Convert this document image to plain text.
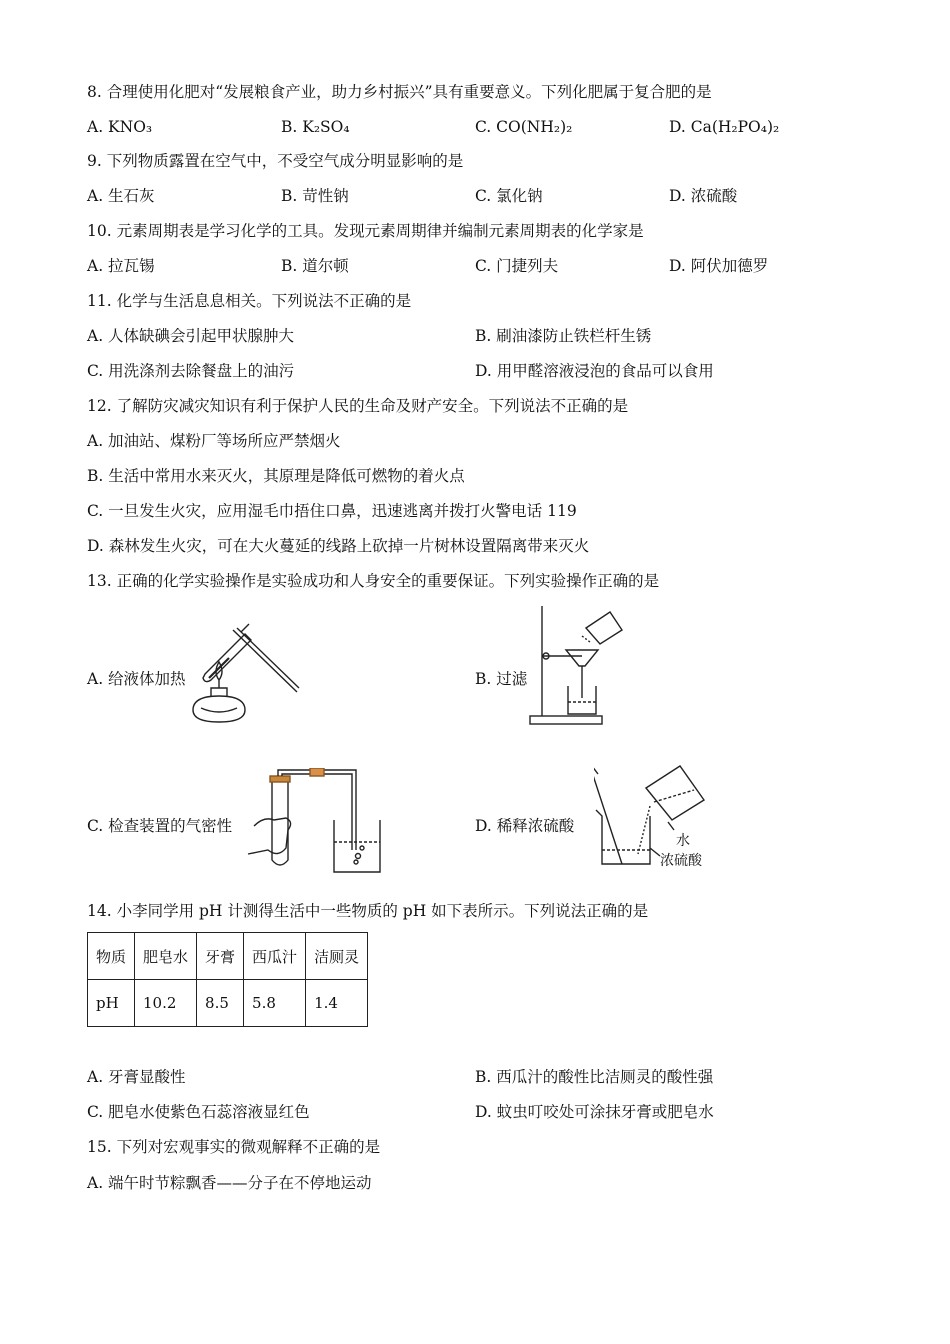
8. 合理使用化肥对“发展粮食产业，助力乡村振兴”具有重要意义。下列化肥属于复合肥的是
A. KNO₃	B. K₂SO₄	C. CO(NH₂)₂	D. Ca(H₂PO₄)₂
9. 下列物质露置在空气中，不受空气成分明显影响的是
A. 生石灰	B. 苛性钠	C. 氯化钠	D. 浓硫酸
10. 元素周期表是学习化学的工具。发现元素周期律并编制元素周期表的化学家是
A. 拉瓦锡	B. 道尔顿	C. 门捷列夫	D. 阿伏加德罗
11. 化学与生活息息相关。下列说法不正确的是
A. 人体缺碘会引起甲状腺肿大	B. 刷油漆防止铁栏杆生锈
C. 用洗涤剂去除餐盘上的油污	D. 用甲醛溶液浸泡的食品可以食用
12. 了解防灾减灾知识有利于保护人民的生命及财产安全。下列说法不正确的是
A. 加油站、煤粉厂等场所应严禁烟火
B. 生活中常用水来灭火，其原理是降低可燃物的着火点
C. 一旦发生火灾，应用湿毛巾捂住口鼻，迅速逃离并拨打火警电话 119
D. 森林发生火灾，可在大火蔓延的线路上砍掉一片树林设置隔离带来灭火
13. 正确的化学实验操作是实验成功和人身安全的重要保证。下列实验操作正确的是
A. 给液体加热	B. 过滤
C. 检查装置的气密性	D. 稀释浓硫酸
水
浓硫酸
14. 小李同学用 pH 计测得生活中一些物质的 pH 如下表所示。下列说法正确的是
物质	肥皂水	牙膏	西瓜汁	洁厕灵
pH	10.2	8.5	5.8	1.4
A. 牙膏显酸性	B. 西瓜汁的酸性比洁厕灵的酸性强
C. 肥皂水使紫色石蕊溶液显红色	D. 蚊虫叮咬处可涂抹牙膏或肥皂水
15. 下列对宏观事实的微观解释不正确的是
A. 端午时节粽飘香——分子在不停地运动
